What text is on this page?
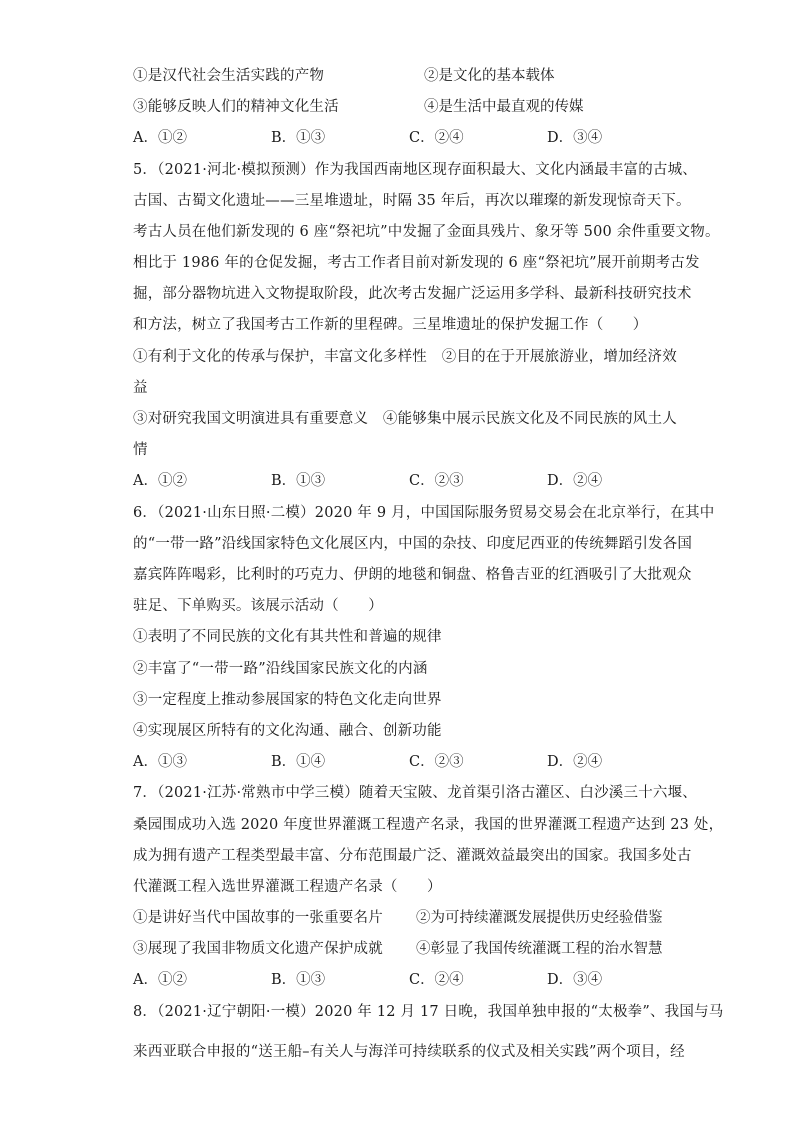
①是汉代社会生活实践的产物	②是文化的基本载体
③能够反映人们的精神文化生活	④是生活中最直观的传媒
A．①②	B．①③	C．②④	D．③④
5．（2021·河北·模拟预测）作为我国西南地区现存面积最大、文化内涵最丰富的古城、
古国、古蜀文化遗址——三星堆遗址，时隔 35 年后，再次以璀璨的新发现惊奇天下。
考古人员在他们新发现的 6 座“祭祀坑”中发掘了金面具残片、象牙等 500 余件重要文物。
相比于 1986 年的仓促发掘，考古工作者目前对新发现的 6 座“祭祀坑”展开前期考古发
掘，部分器物坑进入文物提取阶段，此次考古发掘广泛运用多学科、最新科技研究技术
和方法，树立了我国考古工作新的里程碑。三星堆遗址的保护发掘工作（　　）
①有利于文化的传承与保护，丰富文化多样性　②目的在于开展旅游业，增加经济效
益
③对研究我国文明演进具有重要意义　④能够集中展示民族文化及不同民族的风土人
情
A．①②	B．①③	C．②③	D．②④
6．（2021·山东日照·二模）2020 年 9 月，中国国际服务贸易交易会在北京举行，在其中
的“一带一路”沿线国家特色文化展区内，中国的杂技、印度尼西亚的传统舞蹈引发各国
嘉宾阵阵喝彩，比利时的巧克力、伊朗的地毯和铜盘、格鲁吉亚的红酒吸引了大批观众
驻足、下单购买。该展示活动（　　）
①表明了不同民族的文化有其共性和普遍的规律
②丰富了“一带一路”沿线国家民族文化的内涵
③一定程度上推动参展国家的特色文化走向世界
④实现展区所特有的文化沟通、融合、创新功能
A．①③	B．①④	C．②③	D．②④
7．（2021·江苏·常熟市中学三模）随着天宝陂、龙首渠引洛古灌区、白沙溪三十六堰、
桑园围成功入选 2020 年度世界灌溉工程遗产名录，我国的世界灌溉工程遗产达到 23 处，
成为拥有遗产工程类型最丰富、分布范围最广泛、灌溉效益最突出的国家。我国多处古
代灌溉工程入选世界灌溉工程遗产名录（　　）
①是讲好当代中国故事的一张重要名片 ②为可持续灌溉发展提供历史经验借鉴
③展现了我国非物质文化遗产保护成就 ④彰显了我国传统灌溉工程的治水智慧
A．①②	B．①③	C．②④	D．③④
8．（2021·辽宁朝阳·一模）2020 年 12 月 17 日晚，我国单独申报的“太极拳”、我国与马
来西亚联合申报的“送王船–有关人与海洋可持续联系的仪式及相关实践”两个项目，经
